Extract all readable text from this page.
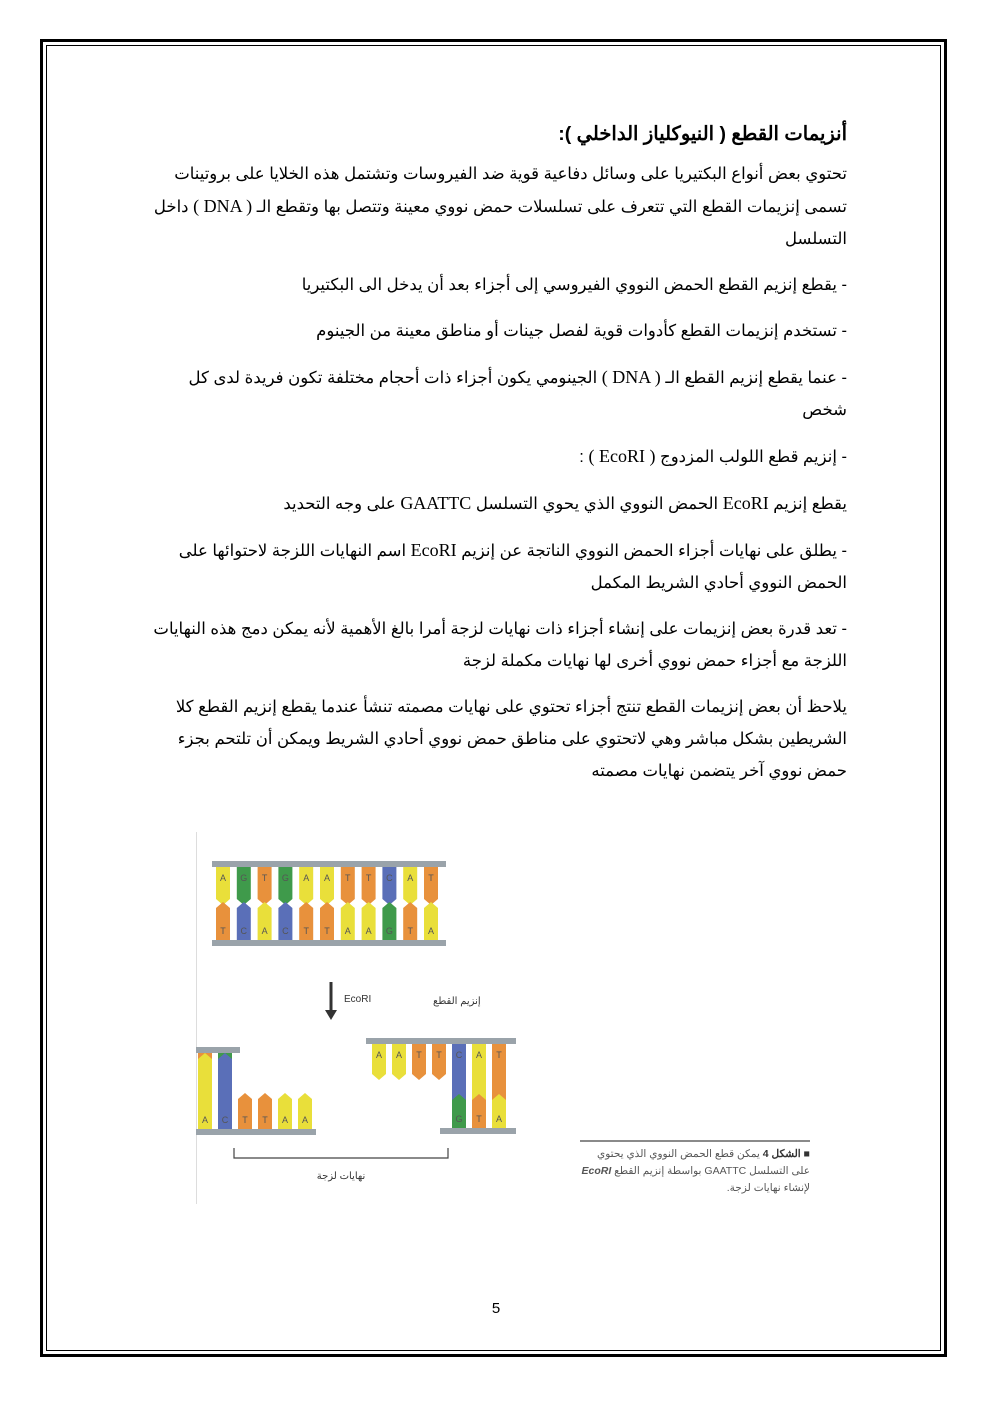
أنزيمات القطع ( النيوكلياز الداخلي ):

تحتوي بعض أنواع البكتيريا على وسائل دفاعية قوية ضد الفيروسات وتشتمل هذه الخلايا على بروتينات تسمى إنزيمات القطع التي تتعرف على تسلسلات حمض نووي معينة وتتصل بها وتقطع الـ ( DNA ) داخل التسلسل

- يقطع إنزيم القطع الحمض النووي الفيروسي إلى أجزاء بعد أن يدخل الى البكتيريا

- تستخدم إنزيمات القطع كأدوات قوية لفصل جينات أو مناطق معينة من الجينوم

- عنما يقطع إنزيم القطع الـ ( DNA ) الجينومي يكون أجزاء ذات أحجام مختلفة تكون فريدة لدى كل شخص

- إنزيم قطع اللولب المزدوج ( EcoRI ) :

يقطع إنزيم EcoRI الحمض النووي الذي يحوي التسلسل GAATTC على وجه التحديد

- يطلق على نهايات أجزاء الحمض النووي الناتجة عن إنزيم EcoRI اسم النهايات اللزجة لاحتوائها على الحمض النووي أحادي الشريط المكمل

- تعد قدرة بعض إنزيمات على إنشاء أجزاء ذات نهايات لزجة أمرا بالغ الأهمية لأنه يمكن دمج هذه النهايات اللزجة مع أجزاء حمض نووي أخرى لها نهايات مكملة لزجة

يلاحظ أن بعض إنزيمات القطع تنتج أجزاء تحتوي على نهايات مصمته تنشأ عندما يقطع إنزيم القطع كلا الشريطين بشكل مباشر وهي لاتحتوي على مناطق حمض نووي أحادي الشريط ويمكن أن تلتحم بجزء حمض نووي آخر يتضمن نهايات مصمته

A
T
G
C
T
A
G
C
A
T
A
T
T
A
T
A
C
G
A
T
T
A
EcoRI	إنزيم القطع
A C T T A A
A A T T C A T
G T A
نهايات لزجة
■ الشكل 4 يمكن قطع الحمض النووي الذي يحتوي على التسلسل GAATTC بواسطة إنزيم القطع EcoRI لإنشاء نهايات لزجة.
5
